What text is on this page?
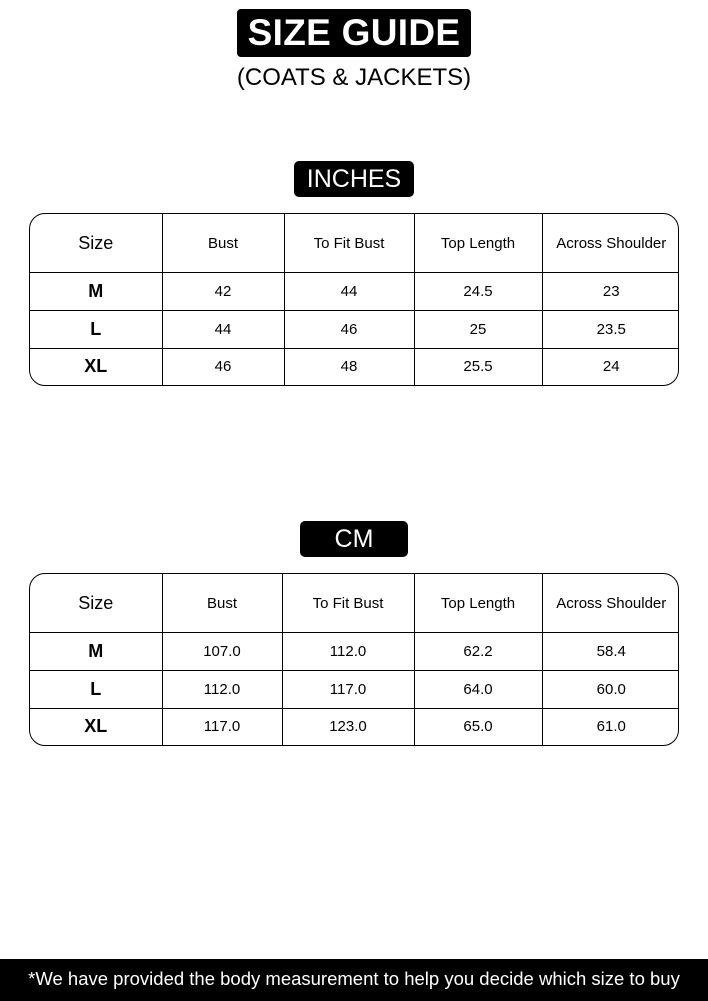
SIZE GUIDE
(COATS & JACKETS)
INCHES
Size	Bust	To Fit Bust	Top Length	Across Shoulder
M	42	44	24.5	23
L	44	46	25	23.5
XL	46	48	25.5	24
CM
Size	Bust	To Fit Bust	Top Length	Across Shoulder
M	107.0	112.0	62.2	58.4
L	112.0	117.0	64.0	60.0
XL	117.0	123.0	65.0	61.0
*We have provided the body measurement to help you decide which size to buy
